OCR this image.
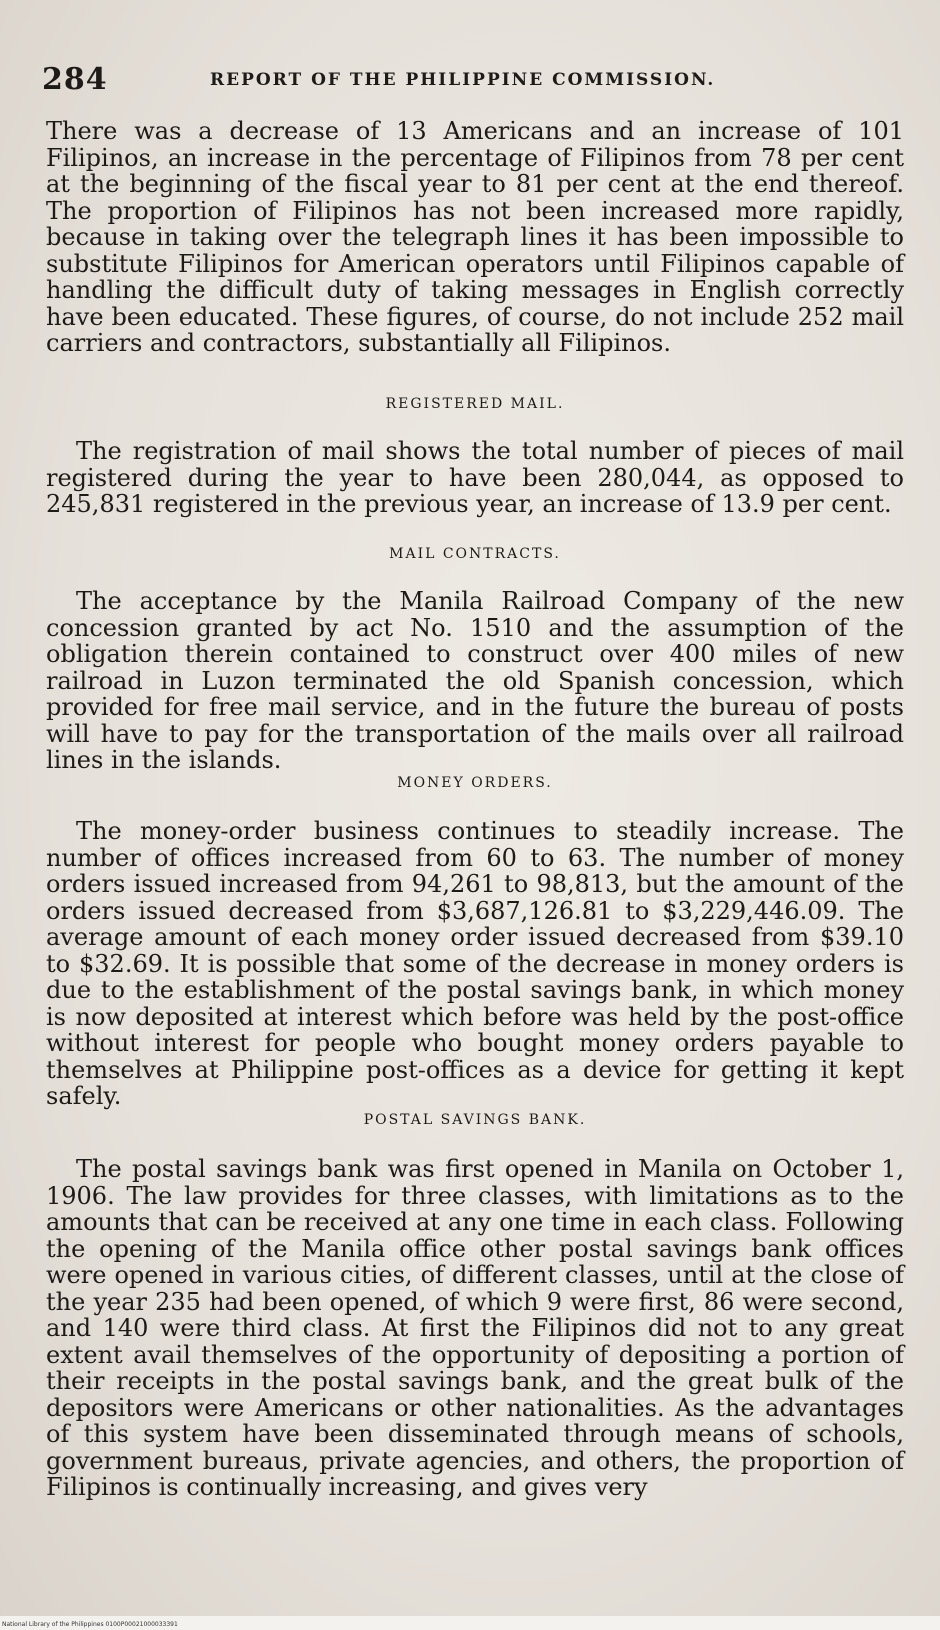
284	REPORT OF THE PHILIPPINE COMMISSION.

There was a decrease of 13 Americans and an increase of 101 Filipinos, an increase in the percentage of Filipinos from 78 per cent at the beginning of the fiscal year to 81 per cent at the end thereof. The proportion of Filipinos has not been increased more rapidly, because in taking over the telegraph lines it has been impossible to substitute Filipinos for American operators until Filipinos capable of handling the difficult duty of taking messages in English correctly have been educated. These figures, of course, do not include 252 mail carriers and contractors, substantially all Filipinos.

REGISTERED MAIL.

The registration of mail shows the total number of pieces of mail registered during the year to have been 280,044, as opposed to 245,831 registered in the previous year, an increase of 13.9 per cent.

MAIL CONTRACTS.

The acceptance by the Manila Railroad Company of the new concession granted by act No. 1510 and the assumption of the obligation therein contained to construct over 400 miles of new railroad in Luzon terminated the old Spanish concession, which provided for free mail service, and in the future the bureau of posts will have to pay for the transportation of the mails over all railroad lines in the islands.

MONEY ORDERS.

The money-order business continues to steadily increase. The number of offices increased from 60 to 63. The number of money orders issued increased from 94,261 to 98,813, but the amount of the orders issued decreased from $3,687,126.81 to $3,229,446.09. The average amount of each money order issued decreased from $39.10 to $32.69. It is possible that some of the decrease in money orders is due to the establishment of the postal savings bank, in which money is now deposited at interest which before was held by the post-office without interest for people who bought money orders payable to themselves at Philippine post-offices as a device for getting it kept safely.

POSTAL SAVINGS BANK.

The postal savings bank was first opened in Manila on October 1, 1906. The law provides for three classes, with limitations as to the amounts that can be received at any one time in each class. Following the opening of the Manila office other postal savings bank offices were opened in various cities, of different classes, until at the close of the year 235 had been opened, of which 9 were first, 86 were second, and 140 were third class. At first the Filipinos did not to any great extent avail themselves of the opportunity of depositing a portion of their receipts in the postal savings bank, and the great bulk of the depositors were Americans or other nationalities. As the advantages of this system have been disseminated through means of schools, government bureaus, private agencies, and others, the proportion of Filipinos is continually increasing, and gives very

National Library of the Philippines 0100P00021000033391
